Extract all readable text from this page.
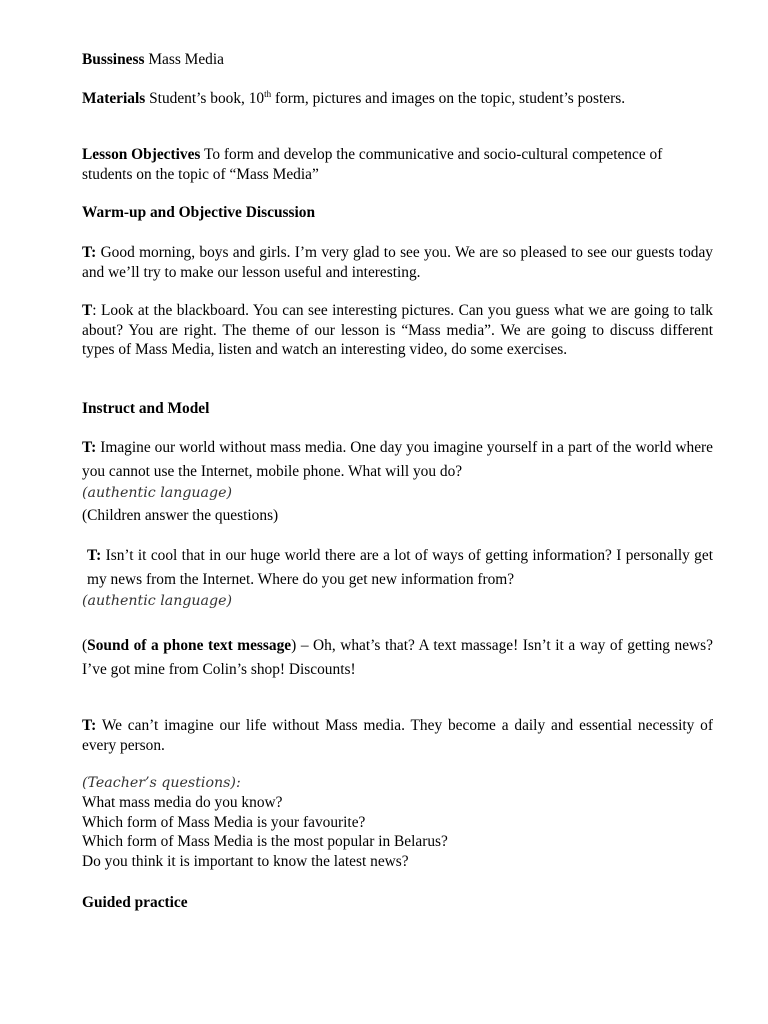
Bussiness Mass Media

Materials Student’s book, 10th form, pictures and images on the topic, student’s posters.

Lesson Objectives To form and develop the communicative and socio-cultural competence of students on the topic of “Mass Media”

Warm-up and Objective Discussion

T: Good morning, boys and girls. I’m very glad to see you. We are so pleased to see our guests today and we’ll try to make our lesson useful and interesting.

T: Look at the blackboard. You can see interesting pictures. Can you guess what we are going to talk about? You are right. The theme of our lesson is “Mass media”. We are going to discuss different types of Mass Media, listen and watch an interesting video, do some exercises.

Instruct and Model

T: Imagine our world without mass media. One day you imagine yourself in a part of the world where you cannot use the Internet, mobile phone. What will you do?

(authentic language)
(Children answer the questions)

T: Isn’t it cool that in our huge world there are a lot of ways of getting information? I personally get my news from the Internet. Where do you get new information from?

(authentic language)

(Sound of a phone text message) – Oh, what’s that? A text massage! Isn’t it a way of getting news? I’ve got mine from Colin’s shop! Discounts!

T: We can’t imagine our life without Mass media. They become a daily and essential necessity of every person.

(Teacher’s questions):
What mass media do you know?
Which form of Mass Media is your favourite?
Which form of Mass Media is the most popular in Belarus?
Do you think it is important to know the latest news?

Guided practice
